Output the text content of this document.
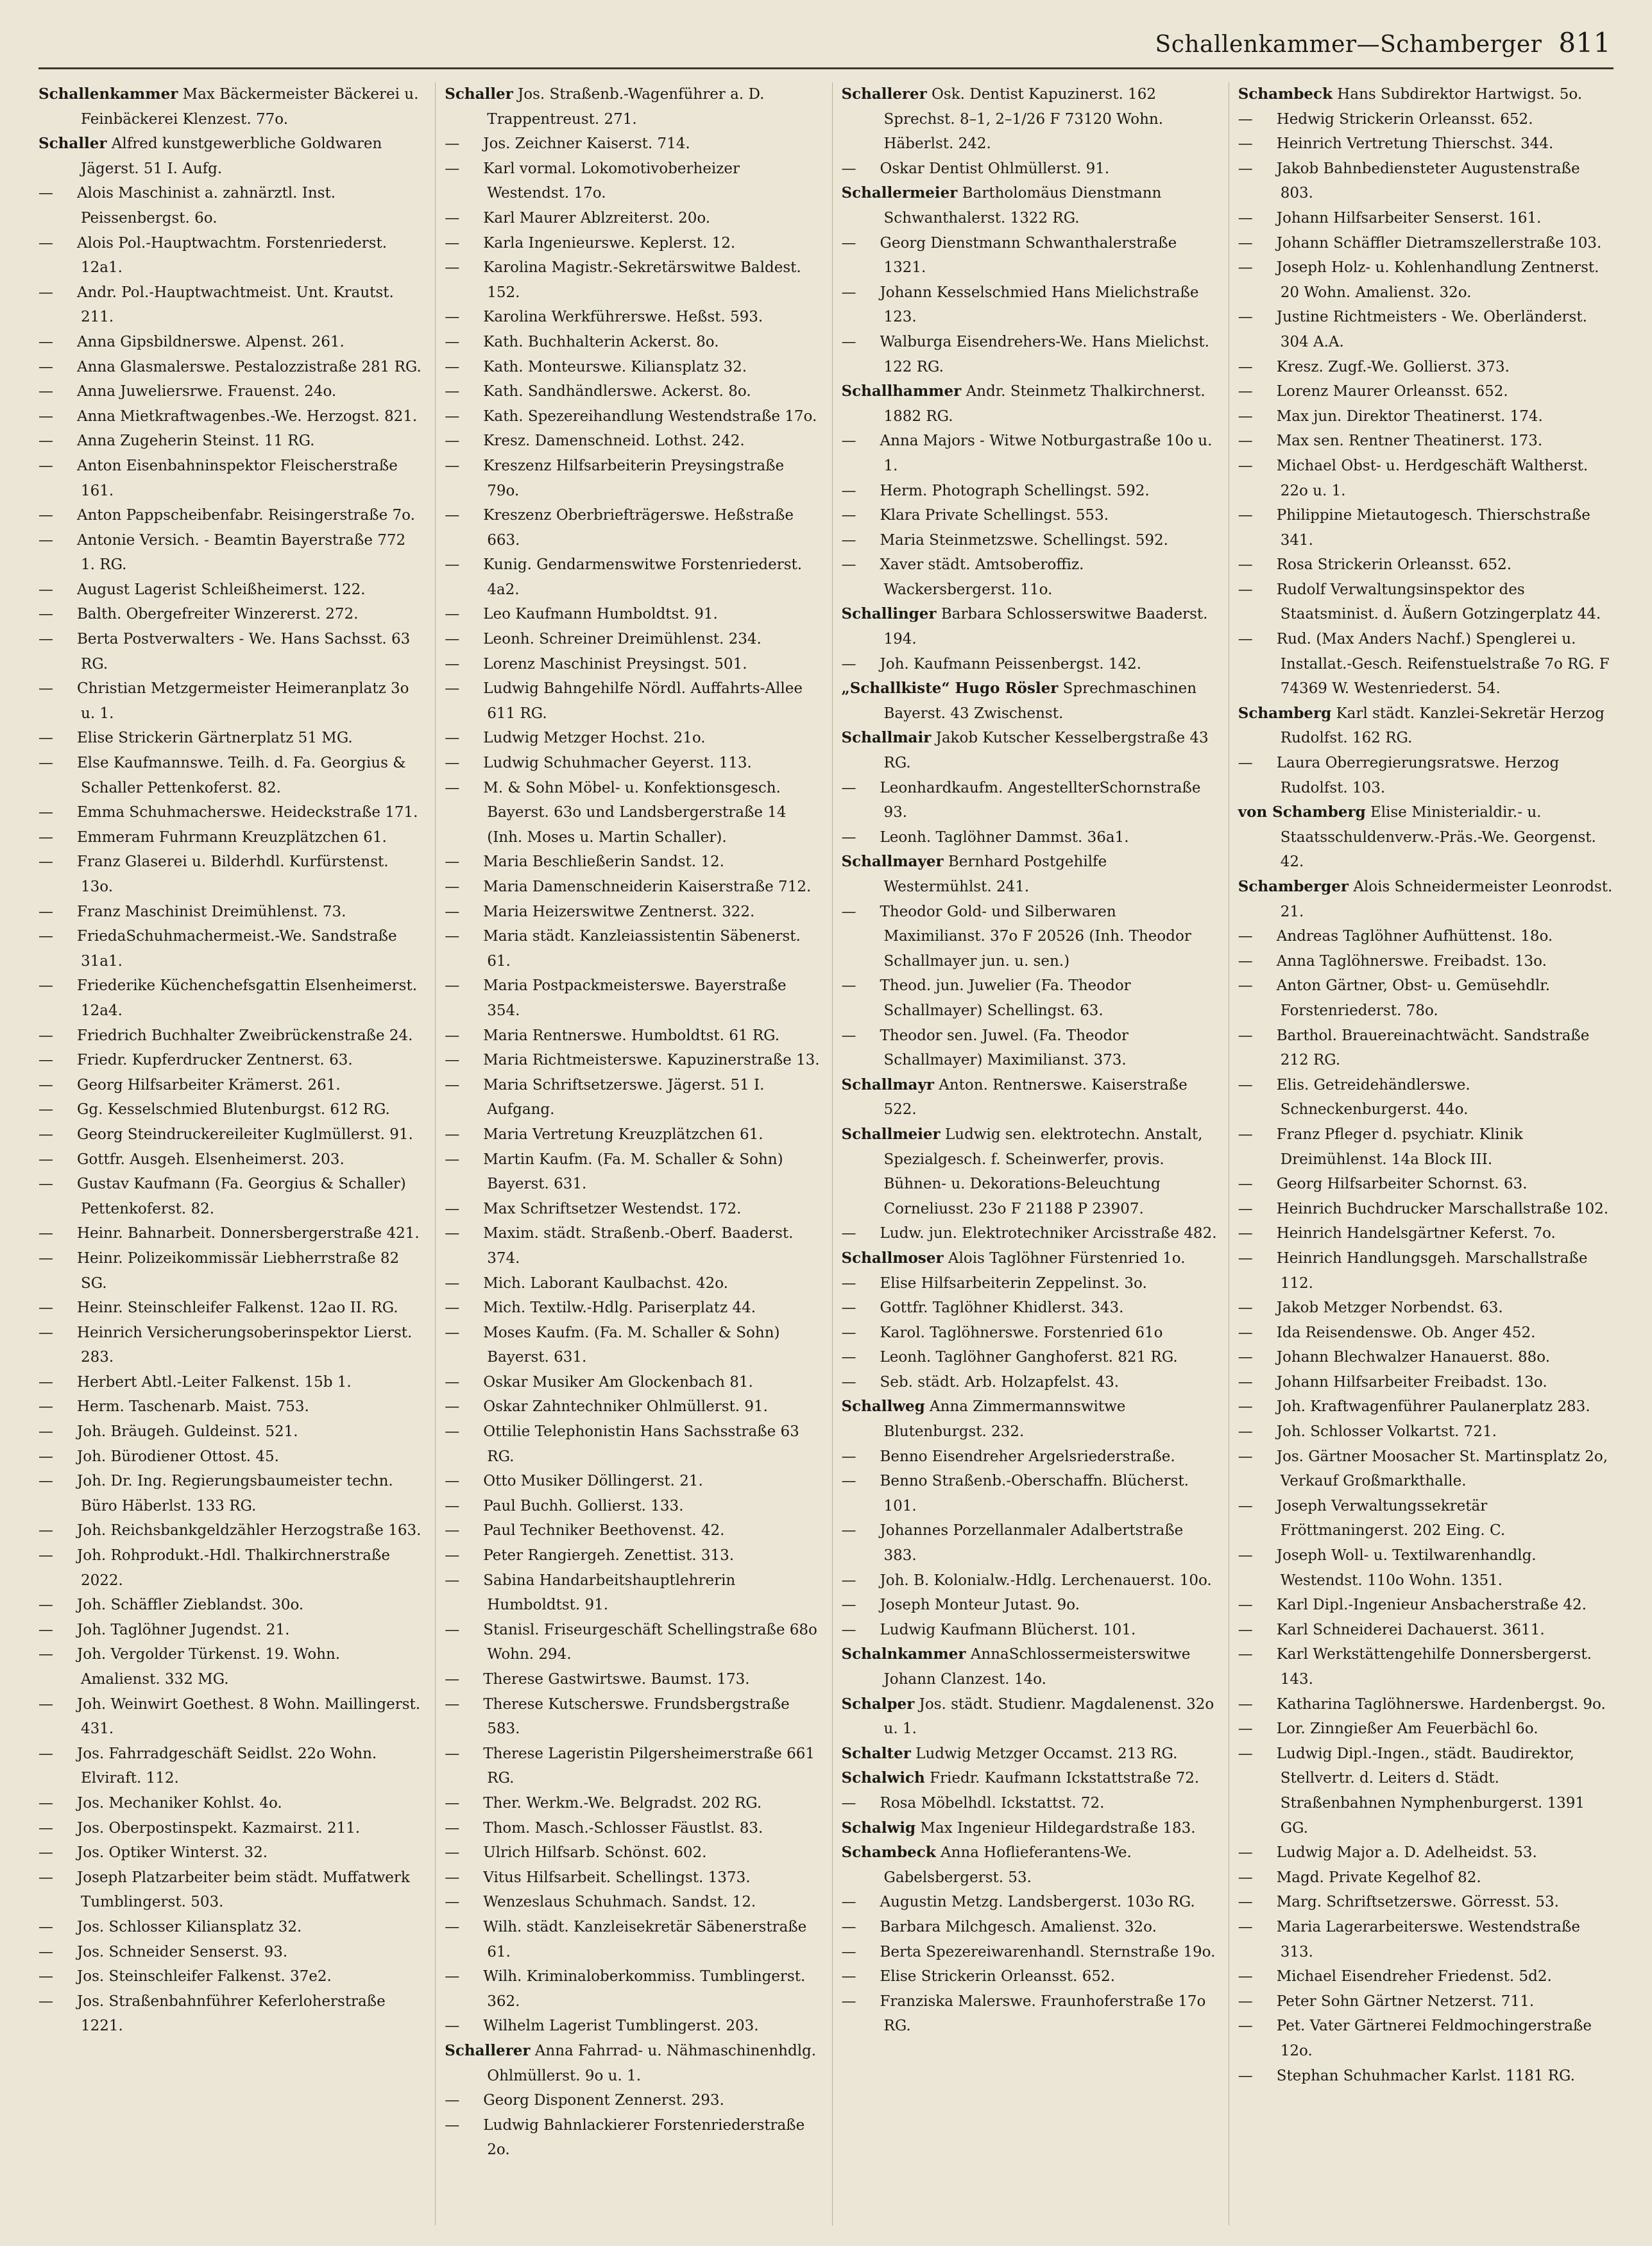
Schallenkammer—Schamberger 811
Schallenkammer Max Bäckermeister Bäckerei u. Feinbäckerei Klenzest. 77o.
Schaller Alfred kunstgewerbliche Goldwaren Jägerst. 51 I. Aufg.
— Alois Maschinist a. zahnärztl. Inst. Peissenbergst. 6o.
— Alois Pol.-Hauptwachtm. Forstenriederst. 12a1.
— Andr. Pol.-Hauptwachtmeist. Unt. Krautst. 211.
— Anna Gipsbildnerswe. Alpenst. 261.
— Anna Glasmalerswe. Pestalozzistraße 281 RG.
— Anna Juweliersrwe. Frauenst. 24o.
— Anna Mietkraftwagenbes.-We. Herzogst. 821.
— Anna Zugeherin Steinst. 11 RG.
— Anton Eisenbahninspektor Fleischerstraße 161.
— Anton Pappscheibenfabr. Reisingerstraße 7o.
— Antonie Versich. - Beamtin Bayerstraße 772 1. RG.
— August Lagerist Schleißheimerst. 122.
— Balth. Obergefreiter Winzererst. 272.
— Berta Postverwalters - We. Hans Sachsst. 63 RG.
— Christian Metzgermeister Heimeranplatz 3o u. 1.
— Elise Strickerin Gärtnerplatz 51 MG.
— Else Kaufmannswe. Teilh. d. Fa. Georgius & Schaller Pettenkoferst. 82.
— Emma Schuhmacherswe. Heideckstraße 171.
— Emmeram Fuhrmann Kreuzplätzchen 61.
— Franz Glaserei u. Bilderhdl. Kurfürstenst. 13o.
— Franz Maschinist Dreimühlenst. 73.
— FriedaSchuhmachermeist.-We. Sandstraße 31a1.
— Friederike Küchenchefsgattin Elsenheimerst. 12a4.
— Friedrich Buchhalter Zweibrückenstraße 24.
— Friedr. Kupferdrucker Zentnerst. 63.
— Georg Hilfsarbeiter Krämerst. 261.
— Gg. Kesselschmied Blutenburgst. 612 RG.
— Georg Steindruckereileiter Kuglmüllerst. 91.
— Gottfr. Ausgeh. Elsenheimerst. 203.
— Gustav Kaufmann (Fa. Georgius & Schaller) Pettenkoferst. 82.
— Heinr. Bahnarbeit. Donnersbergerstraße 421.
— Heinr. Polizeikommissär Liebherrstraße 82 SG.
— Heinr. Steinschleifer Falkenst. 12ao II. RG.
— Heinrich Versicherungsoberinspektor Lierst. 283.
— Herbert Abtl.-Leiter Falkenst. 15b 1.
— Herm. Taschenarb. Maist. 753.
— Joh. Bräugeh. Guldeinst. 521.
— Joh. Bürodiener Ottost. 45.
— Joh. Dr. Ing. Regierungsbaumeister techn. Büro Häberlst. 133 RG.
— Joh. Reichsbankgeldzähler Herzogstraße 163.
— Joh. Rohprodukt.-Hdl. Thalkirchnerstraße 2022.
— Joh. Schäffler Zieblandst. 30o.
— Joh. Taglöhner Jugendst. 21.
— Joh. Vergolder Türkenst. 19. Wohn. Amalienst. 332 MG.
— Joh. Weinwirt Goethest. 8 Wohn. Maillingerst. 431.
— Jos. Fahrradgeschäft Seidlst. 22o Wohn. Elviraft. 112.
— Jos. Mechaniker Kohlst. 4o.
— Jos. Oberpostinspekt. Kazmairst. 211.
— Jos. Optiker Winterst. 32.
— Joseph Platzarbeiter beim städt. Muffatwerk Tumblingerst. 503.
— Jos. Schlosser Kiliansplatz 32.
— Jos. Schneider Senserst. 93.
— Jos. Steinschleifer Falkenst. 37e2.
— Jos. Straßenbahnführer Keferloherstraße 1221.
Schaller Jos. Straßenb.-Wagenführer a. D. Trappentreust. 271.
— Jos. Zeichner Kaiserst. 714.
— Karl vormal. Lokomotivoberheizer Westendst. 17o.
— Karl Maurer Ablzreiterst. 20o.
— Karla Ingenieurswe. Keplerst. 12.
— Karolina Magistr.-Sekretärswitwe Baldest. 152.
— Karolina Werkführerswe. Heßst. 593.
— Kath. Buchhalterin Ackerst. 8o.
— Kath. Monteurswe. Kiliansplatz 32.
— Kath. Sandhändlerswe. Ackerst. 8o.
— Kath. Spezereihandlung Westendstraße 17o.
— Kresz. Damenschneid. Lothst. 242.
— Kreszenz Hilfsarbeiterin Preysingstraße 79o.
— Kreszenz Oberbriefträgerswe. Heßstraße 663.
— Kunig. Gendarmenswitwe Forstenriederst. 4a2.
— Leo Kaufmann Humboldtst. 91.
— Leonh. Schreiner Dreimühlenst. 234.
— Lorenz Maschinist Preysingst. 501.
— Ludwig Bahngehilfe Nördl. Auffahrts-Allee 611 RG.
— Ludwig Metzger Hochst. 21o.
— Ludwig Schuhmacher Geyerst. 113.
— M. & Sohn Möbel- u. Konfektionsgesch. Bayerst. 63o und Landsbergerstraße 14 (Inh. Moses u. Martin Schaller).
— Maria Beschließerin Sandst. 12.
— Maria Damenschneiderin Kaiserstraße 712.
— Maria Heizerswitwe Zentnerst. 322.
— Maria städt. Kanzleiassistentin Säbenerst. 61.
— Maria Postpackmeisterswe. Bayerstraße 354.
— Maria Rentnerswe. Humboldtst. 61 RG.
— Maria Richtmeisterswe. Kapuzinerstraße 13.
— Maria Schriftsetzerswe. Jägerst. 51 I. Aufgang.
— Maria Vertretung Kreuzplätzchen 61.
— Martin Kaufm. (Fa. M. Schaller & Sohn) Bayerst. 631.
— Max Schriftsetzer Westendst. 172.
— Maxim. städt. Straßenb.-Oberf. Baaderst. 374.
— Mich. Laborant Kaulbachst. 42o.
— Mich. Textilw.-Hdlg. Pariserplatz 44.
— Moses Kaufm. (Fa. M. Schaller & Sohn) Bayerst. 631.
— Oskar Musiker Am Glockenbach 81.
— Oskar Zahntechniker Ohlmüllerst. 91.
— Ottilie Telephonistin Hans Sachsstraße 63 RG.
— Otto Musiker Döllingerst. 21.
— Paul Buchh. Gollierst. 133.
— Paul Techniker Beethovenst. 42.
— Peter Rangiergeh. Zenettist. 313.
— Sabina Handarbeitshauptlehrerin Humboldtst. 91.
— Stanisl. Friseurgeschäft Schellingstraße 68o Wohn. 294.
— Therese Gastwirtswe. Baumst. 173.
— Therese Kutscherswe. Frundsbergstraße 583.
— Therese Lageristin Pilgersheimerstraße 661 RG.
— Ther. Werkm.-We. Belgradst. 202 RG.
— Thom. Masch.-Schlosser Fäustlst. 83.
— Ulrich Hilfsarb. Schönst. 602.
— Vitus Hilfsarbeit. Schellingst. 1373.
— Wenzeslaus Schuhmach. Sandst. 12.
— Wilh. städt. Kanzleisekretär Säbenerstraße 61.
— Wilh. Kriminaloberkommiss. Tumblingerst. 362.
— Wilhelm Lagerist Tumblingerst. 203.
Schallerer Anna Fahrrad- u. Nähmaschinenhdlg. Ohlmüllerst. 9o u. 1.
— Georg Disponent Zennerst. 293.
— Ludwig Bahnlackierer Forstenriederstraße 2o.
Schallerer Osk. Dentist Kapuzinerst. 162 Sprechst. 8–1, 2–1/26 F 73120 Wohn. Häberlst. 242.
— Oskar Dentist Ohlmüllerst. 91.
Schallermeier Bartholomäus Dienstmann Schwanthalerst. 1322 RG.
— Georg Dienstmann Schwanthalerstraße 1321.
— Johann Kesselschmied Hans Mielichstraße 123.
— Walburga Eisendrehers-We. Hans Mielichst. 122 RG.
Schallhammer Andr. Steinmetz Thalkirchnerst. 1882 RG.
— Anna Majors - Witwe Notburgastraße 10o u. 1.
— Herm. Photograph Schellingst. 592.
— Klara Private Schellingst. 553.
— Maria Steinmetzswe. Schellingst. 592.
— Xaver städt. Amtsoberoffiz. Wackersbergerst. 11o.
Schallinger Barbara Schlosserswitwe Baaderst. 194.
— Joh. Kaufmann Peissenbergst. 142.
„Schallkiste“ Hugo Rösler Sprechmaschinen Bayerst. 43 Zwischenst.
Schallmair Jakob Kutscher Kesselbergstraße 43 RG.
— Leonhardkaufm. AngestellterSchornstraße 93.
— Leonh. Taglöhner Dammst. 36a1.
Schallmayer Bernhard Postgehilfe Westermühlst. 241.
— Theodor Gold- und Silberwaren Maximilianst. 37o F 20526 (Inh. Theodor Schallmayer jun. u. sen.)
— Theod. jun. Juwelier (Fa. Theodor Schallmayer) Schellingst. 63.
— Theodor sen. Juwel. (Fa. Theodor Schallmayer) Maximilianst. 373.
Schallmayr Anton. Rentnerswe. Kaiserstraße 522.
Schallmeier Ludwig sen. elektrotechn. Anstalt, Spezialgesch. f. Scheinwerfer, provis. Bühnen- u. Dekorations-Beleuchtung Corneliusst. 23o F 21188 P 23907.
— Ludw. jun. Elektrotechniker Arcisstraße 482.
Schallmoser Alois Taglöhner Fürstenried 1o.
— Elise Hilfsarbeiterin Zeppelinst. 3o.
— Gottfr. Taglöhner Khidlerst. 343.
— Karol. Taglöhnerswe. Forstenried 61o
— Leonh. Taglöhner Ganghoferst. 821 RG.
— Seb. städt. Arb. Holzapfelst. 43.
Schallweg Anna Zimmermannswitwe Blutenburgst. 232.
— Benno Eisendreher Argelsriederstraße.
— Benno Straßenb.-Oberschaffn. Blücherst. 101.
— Johannes Porzellanmaler Adalbertstraße 383.
— Joh. B. Kolonialw.-Hdlg. Lerchenauerst. 10o.
— Joseph Monteur Jutast. 9o.
— Ludwig Kaufmann Blücherst. 101.
Schalnkammer AnnaSchlossermeisterswitwe Johann Clanzest. 14o.
Schalper Jos. städt. Studienr. Magdalenenst. 32o u. 1.
Schalter Ludwig Metzger Occamst. 213 RG.
Schalwich Friedr. Kaufmann Ickstattstraße 72.
— Rosa Möbelhdl. Ickstattst. 72.
Schalwig Max Ingenieur Hildegardstraße 183.
Schambeck Anna Hoflieferantens-We. Gabelsbergerst. 53.
— Augustin Metzg. Landsbergerst. 103o RG.
— Barbara Milchgesch. Amalienst. 32o.
— Berta Spezereiwarenhandl. Sternstraße 19o.
— Elise Strickerin Orleansst. 652.
— Franziska Malerswe. Fraunhoferstraße 17o RG.
Schambeck Hans Subdirektor Hartwigst. 5o.
— Hedwig Strickerin Orleansst. 652.
— Heinrich Vertretung Thierschst. 344.
— Jakob Bahnbediensteter Augustenstraße 803.
— Johann Hilfsarbeiter Senserst. 161.
— Johann Schäffler Dietramszellerstraße 103.
— Joseph Holz- u. Kohlenhandlung Zentnerst. 20 Wohn. Amalienst. 32o.
— Justine Richtmeisters - We. Oberländerst. 304 A.A.
— Kresz. Zugf.-We. Gollierst. 373.
— Lorenz Maurer Orleansst. 652.
— Max jun. Direktor Theatinerst. 174.
— Max sen. Rentner Theatinerst. 173.
— Michael Obst- u. Herdgeschäft Waltherst. 22o u. 1.
— Philippine Mietautogesch. Thierschstraße 341.
— Rosa Strickerin Orleansst. 652.
— Rudolf Verwaltungsinspektor des Staatsminist. d. Äußern Gotzingerplatz 44.
— Rud. (Max Anders Nachf.) Spenglerei u. Installat.-Gesch. Reifenstuelstraße 7o RG. F 74369 W. Westenriederst. 54.
Schamberg Karl städt. Kanzlei-Sekretär Herzog Rudolfst. 162 RG.
— Laura Oberregierungsratswe. Herzog Rudolfst. 103.
von Schamberg Elise Ministerialdir.- u. Staatsschuldenverw.-Präs.-We. Georgenst. 42.
Schamberger Alois Schneidermeister Leonrodst. 21.
— Andreas Taglöhner Aufhüttenst. 18o.
— Anna Taglöhnerswe. Freibadst. 13o.
— Anton Gärtner, Obst- u. Gemüsehdlr. Forstenriederst. 78o.
— Barthol. Brauereinachtwächt. Sandstraße 212 RG.
— Elis. Getreidehändlerswe. Schneckenburgerst. 44o.
— Franz Pfleger d. psychiatr. Klinik Dreimühlenst. 14a Block III.
— Georg Hilfsarbeiter Schornst. 63.
— Heinrich Buchdrucker Marschallstraße 102.
— Heinrich Handelsgärtner Keferst. 7o.
— Heinrich Handlungsgeh. Marschallstraße 112.
— Jakob Metzger Norbendst. 63.
— Ida Reisendenswe. Ob. Anger 452.
— Johann Blechwalzer Hanauerst. 88o.
— Johann Hilfsarbeiter Freibadst. 13o.
— Joh. Kraftwagenführer Paulanerplatz 283.
— Joh. Schlosser Volkartst. 721.
— Jos. Gärtner Moosacher St. Martinsplatz 2o, Verkauf Großmarkthalle.
— Joseph Verwaltungssekretär Fröttmaningerst. 202 Eing. C.
— Joseph Woll- u. Textilwarenhandlg. Westendst. 110o Wohn. 1351.
— Karl Dipl.-Ingenieur Ansbacherstraße 42.
— Karl Schneiderei Dachauerst. 3611.
— Karl Werkstättengehilfe Donnersbergerst. 143.
— Katharina Taglöhnerswe. Hardenbergst. 9o.
— Lor. Zinngießer Am Feuerbächl 6o.
— Ludwig Dipl.-Ingen., städt. Baudirektor, Stellvertr. d. Leiters d. Städt. Straßenbahnen Nymphenburgerst. 1391 GG.
— Ludwig Major a. D. Adelheidst. 53.
— Magd. Private Kegelhof 82.
— Marg. Schriftsetzerswe. Görresst. 53.
— Maria Lagerarbeiterswe. Westendstraße 313.
— Michael Eisendreher Friedenst. 5d2.
— Peter Sohn Gärtner Netzerst. 711.
— Pet. Vater Gärtnerei Feldmochingerstraße 12o.
— Stephan Schuhmacher Karlst. 1181 RG.
